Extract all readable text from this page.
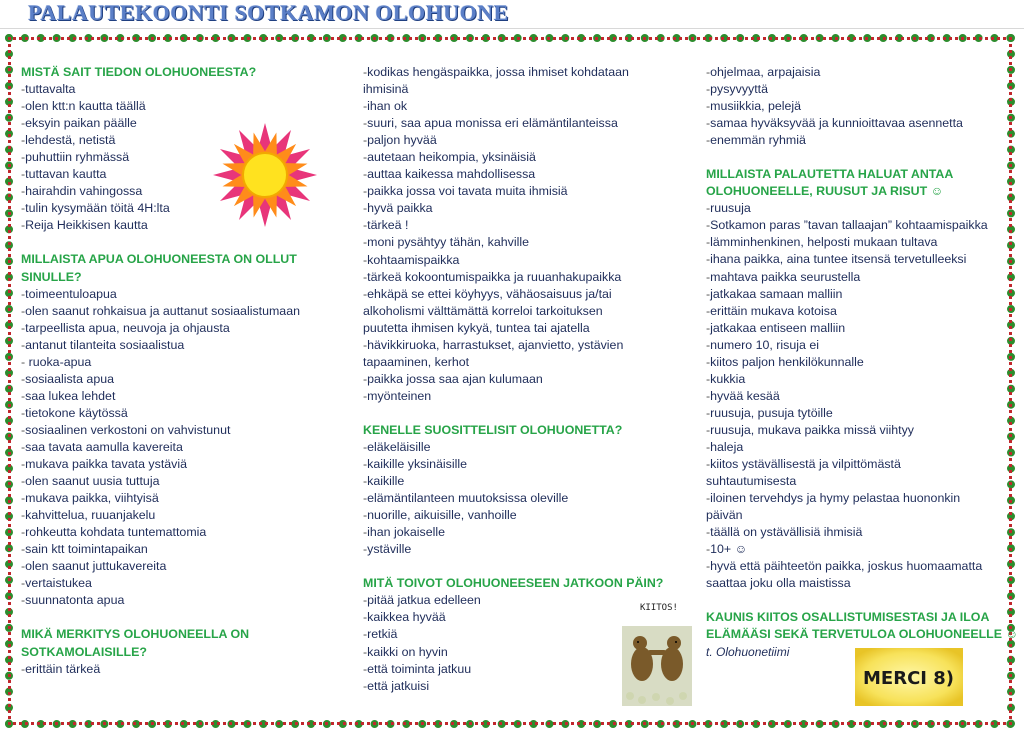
PALAUTEKOONTI SOTKAMON OLOHUONE
MISTÄ SAIT TIEDON OLOHUONEESTA?
- tuttavalta
- olen ktt:n kautta täällä
- eksyin paikan päälle
- lehdestä, netistä
- puhuttiin ryhmässä
- tuttavan kautta
- hairahdin vahingossa
- tulin kysymään töitä 4H:lta
- Reija Heikkisen kautta
MILLAISTA APUA OLOHUONEESTA ON OLLUT
SINULLE?
- toimeentuloapua
- olen saanut rohkaisua ja auttanut sosiaalistumaan
- tarpeellista apua, neuvoja ja ohjausta
- antanut tilanteita sosiaalistua
- ruoka-apua
- sosiaalista apua
- saa lukea lehdet
- tietokone käytössä
- sosiaalinen verkostoni on vahvistunut
- saa tavata aamulla kavereita
- mukava paikka tavata ystäviä
- olen saanut uusia tuttuja
- mukava paikka, viihtyisä
- kahvittelua, ruuanjakelu
- rohkeutta kohdata tuntemattomia
- sain ktt toimintapaikan
- olen saanut juttukavereita
- vertaistukea
- suunnatonta apua
MIKÄ MERKITYS OLOHUONEELLA ON
SOTKAMOLAISILLE?
- erittäin tärkeä
- kodikas hengäspaikka, jossa ihmiset kohdataan
ihmisinä
- ihan ok
- suuri, saa apua monissa eri elämäntilanteissa
- paljon hyvää
- autetaan heikompia, yksinäisiä
- auttaa kaikessa mahdollisessa
- paikka jossa voi tavata muita ihmisiä
- hyvä paikka
- tärkeä !
- moni pysähtyy tähän, kahville
- kohtaamispaikka
- tärkeä kokoontumispaikka ja ruuanhakupaikka
- ehkäpä se ettei köyhyys, vähäosaisuus ja/tai
alkoholismi välttämättä korreloi tarkoituksen
puutetta ihmisen kykyä, tuntea tai ajatella
- hävikkiruoka, harrastukset, ajanvietto, ystävien
tapaaminen, kerhot
- paikka jossa saa ajan kulumaan
- myönteinen
KENELLE SUOSITTELISIT OLOHUONETTA?
- eläkeläisille
- kaikille yksinäisille
- kaikille
- elämäntilanteen muutoksissa oleville
- nuorille, aikuisille, vanhoille
- ihan jokaiselle
- ystäville
MITÄ TOIVOT OLOHUONEESEEN JATKOON PÄIN?
- pitää jatkua edelleen
- kaikkea hyvää
- retkiä
- kaikki on hyvin
- että toiminta jatkuu
- että jatkuisi
- ohjelmaa, arpajaisia
- pysyvyyttä
- musiikkia, pelejä
- samaa hyväksyvää ja kunnioittavaa asennetta
- enemmän ryhmiä
MILLAISTA PALAUTETTA HALUAT ANTAA
OLOHUONEELLE, RUUSUT JA RISUT ☺
- ruusuja
- Sotkamon paras ”tavan tallaajan” kohtaamispaikka
- lämminhenkinen, helposti mukaan tultava
- ihana paikka, aina tuntee itsensä tervetulleeksi
- mahtava paikka seurustella
- jatkakaa samaan malliin
- erittäin mukava kotoisa
- jatkakaa entiseen malliin
- numero 10, risuja ei
- kiitos paljon henkilökunnalle
- kukkia
- hyvää kesää
- ruusuja, pusuja tytöille
- ruusuja, mukava paikka missä viihtyy
- haleja
- kiitos ystävällisestä ja vilpittömästä
suhtautumisesta
- iloinen tervehdys ja hymy pelastaa huononkin
päivän
- täällä on ystävällisiä ihmisiä
- 10+ ☺
- hyvä että päihteetön paikka, joskus huomaamatta
saattaa joku olla maistissa
KAUNIS KIITOS OSALLISTUMISESTASI JA ILOA
ELÄMÄÄSI SEKÄ TERVETULOA OLOHUONEELLE ☺
t. Olohuonetiimi
KIITOS!
MERCI 8)
